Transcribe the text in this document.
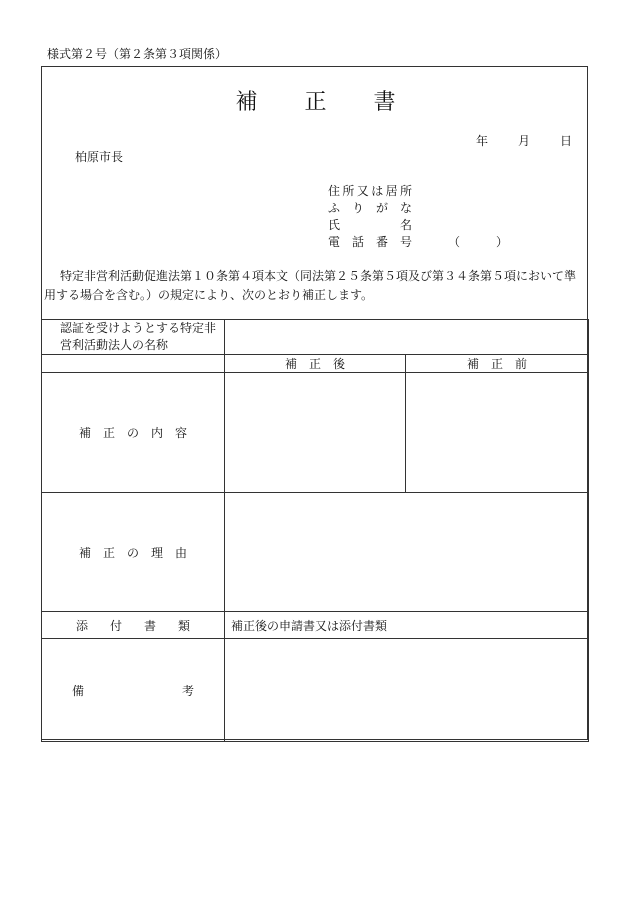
様式第２号（第２条第３項関係）
補 正 書
年	月	日
柏原市長
住所又は居所
ふりがな
氏名
電話番号	（	）
特定非営利活動促進法第１０条第４項本文（同法第２５条第５項及び第３４条第５項において準用する場合を含む。）の規定により、次のとおり補正します。
認証を受けようとする特定非営利活動法人の名称		
	補正後	補正前
補正の内容		
補正の理由		
添付書類	補正後の申請書又は添付書類	

備 考		
